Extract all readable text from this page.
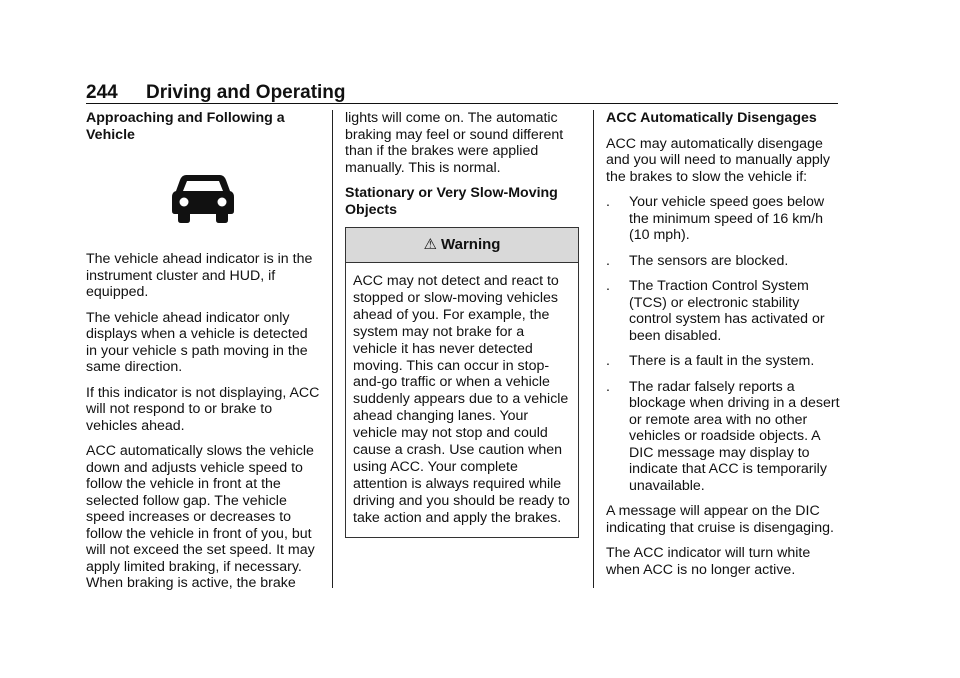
244 Driving and Operating
Approaching and Following a Vehicle

The vehicle ahead indicator is in the instrument cluster and HUD, if equipped.

The vehicle ahead indicator only displays when a vehicle is detected in your vehicle s path moving in the same direction.

If this indicator is not displaying, ACC will not respond to or brake to vehicles ahead.

ACC automatically slows the vehicle down and adjusts vehicle speed to follow the vehicle in front at the selected follow gap. The vehicle speed increases or decreases to follow the vehicle in front of you, but will not exceed the set speed. It may apply limited braking, if necessary. When braking is active, the brake

lights will come on. The automatic braking may feel or sound different than if the brakes were applied manually. This is normal.

Stationary or Very Slow-Moving Objects
⚠ Warning
ACC may not detect and react to stopped or slow-moving vehicles ahead of you. For example, the system may not brake for a vehicle it has never detected moving. This can occur in stop-and-go traffic or when a vehicle suddenly appears due to a vehicle ahead changing lanes. Your vehicle may not stop and could cause a crash. Use caution when using ACC. Your complete attention is always required while driving and you should be ready to take action and apply the brakes.
ACC Automatically Disengages

ACC may automatically disengage and you will need to manually apply the brakes to slow the vehicle if:

. Your vehicle speed goes below the minimum speed of 16 km/h (10 mph).
. The sensors are blocked.
. The Traction Control System (TCS) or electronic stability control system has activated or been disabled.
. There is a fault in the system.
. The radar falsely reports a blockage when driving in a desert or remote area with no other vehicles or roadside objects. A DIC message may display to indicate that ACC is temporarily unavailable.

A message will appear on the DIC indicating that cruise is disengaging.

The ACC indicator will turn white when ACC is no longer active.
